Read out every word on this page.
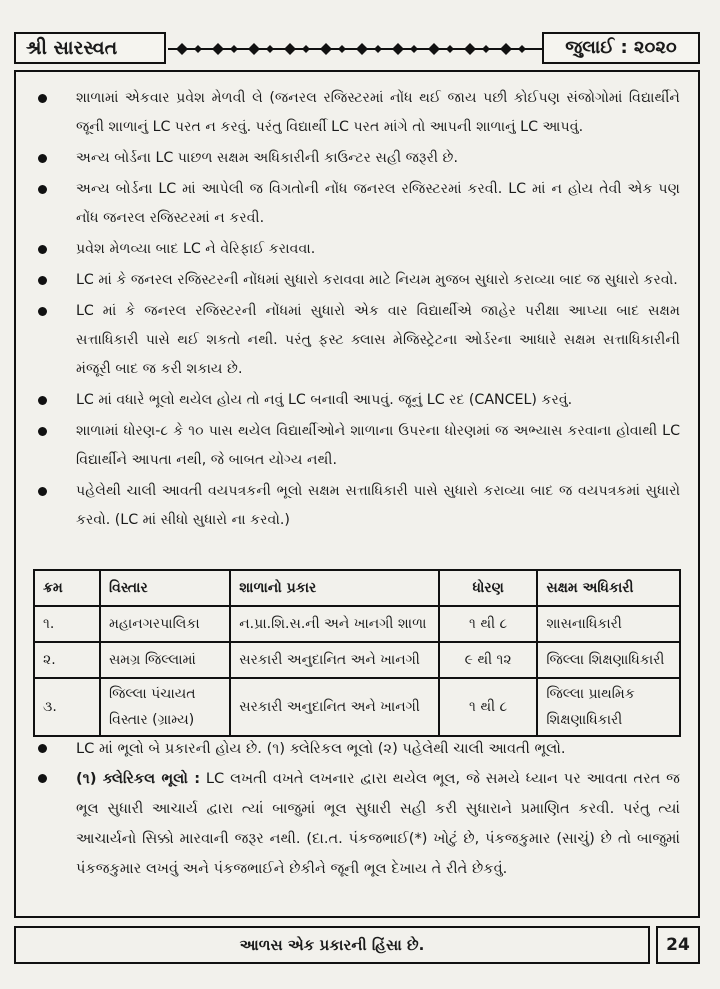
શ્રી સારસ્વત	જુલાઈ : ૨૦૨૦
શાળામાં એકવાર પ્રવેશ મેળવી લે (જનરલ રજિસ્ટરમાં નોંધ થઈ જાય પછી કોઈપણ સંજોગોમાં વિદ્યાર્થીને જૂની શાળાનું LC પરત ન કરવું. પરંતુ વિદ્યાર્થી LC પરત માંગે તો આપની શાળાનું LC આપવું.
અન્ય બોર્ડના LC પાછળ સક્ષમ અધિકારીની કાઉન્ટર સહી જરૂરી છે.
અન્ય બોર્ડના LC માં આપેલી જ વિગતોની નોંધ જનરલ રજિસ્ટરમાં કરવી. LC માં ન હોય તેવી એક પણ નોંધ જનરલ રજિસ્ટરમાં ન કરવી.
પ્રવેશ મેળવ્યા બાદ LC ને વેરિફાઈ કરાવવા.
LC માં કે જનરલ રજિસ્ટરની નોંધમાં સુધારો કરાવવા માટે નિયમ મુજબ સુધારો કરાવ્યા બાદ જ સુધારો કરવો.
LC માં કે જનરલ રજિસ્ટરની નોંધમાં સુધારો એક વાર વિદ્યાર્થીએ જાહેર પરીક્ષા આપ્યા બાદ સક્ષમ સત્તાધિકારી પાસે થઈ શકતો નથી. પરંતુ ફસ્ટ ક્લાસ મેજિસ્ટ્રેટના ઓર્ડરના આધારે સક્ષમ સત્તાધિકારીની મંજૂરી બાદ જ કરી શકાય છે.
LC માં વધારે ભૂલો થયેલ હોય તો નવું LC બનાવી આપવું. જૂનું LC રદ (CANCEL) કરવું.
શાળામાં ધોરણ-૮ કે ૧૦ પાસ થયેલ વિદ્યાર્થીઓને શાળાના ઉપરના ધોરણમાં જ અભ્યાસ કરવાના હોવાથી LC વિદ્યાર્થીને આપતા નથી, જે બાબત યોગ્ય નથી.
પહેલેથી ચાલી આવતી વયપત્રકની ભૂલો સક્ષમ સત્તાધિકારી પાસે સુધારો કરાવ્યા બાદ જ વયપત્રકમાં સુધારો કરવો. (LC માં સીધો સુધારો ના કરવો.)
ક્રમ	વિસ્તાર	શાળાનો પ્રકાર	ધોરણ	સક્ષમ અધિકારી
૧.	મહાનગરપાલિકા	ન.પ્રા.શિ.સ.ની અને ખાનગી શાળા	૧ થી ૮	શાસનાધિકારી
૨.	સમગ્ર જિલ્લામાં	સરકારી અનુદાનિત અને ખાનગી	૯ થી ૧૨	જિલ્લા શિક્ષણાધિકારી
૩.	જિલ્લા પંચાયત વિસ્તાર (ગ્રામ્ય)	સરકારી અનુદાનિત અને ખાનગી	૧ થી ૮	જિલ્લા પ્રાથમિક શિક્ષણાધિકારી
LC માં ભૂલો બે પ્રકારની હોય છે. (૧) ક્લેરિકલ ભૂલો (૨) પહેલેથી ચાલી આવતી ભૂલો.
(૧) ક્લેરિકલ ભૂલો : LC લખતી વખતે લખનાર દ્વારા થયેલ ભૂલ, જે સમયે ધ્યાન પર આવતા તરત જ ભૂલ સુધારી આચાર્ય દ્વારા ત્યાં બાજુમાં ભૂલ સુધારી સહી કરી સુધારાને પ્રમાણિત કરવી. પરંતુ ત્યાં આચાર્યનો સિક્કો મારવાની જરૂર નથી. (દા.ત. પંકજભાઈ(*) ખોટું છે, પંકજકુમાર (સાચું) છે તો બાજુમાં પંકજકુમાર લખવું અને પંકજભાઈને છેકીને જૂની ભૂલ દેખાય તે રીતે છેકવું.
આળસ એક પ્રકારની હિંસા છે.	24
